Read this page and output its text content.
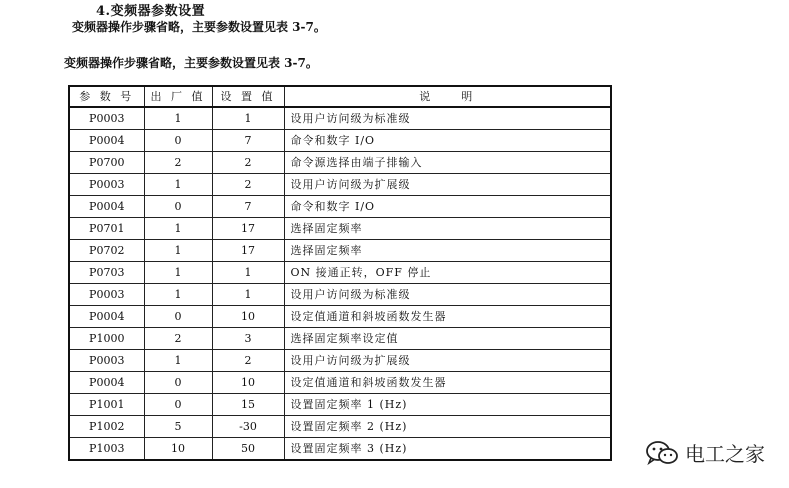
4.变频器参数设置
变频器操作步骤省略，主要参数设置见表 3-7。
变频器操作步骤省略，主要参数设置见表 3-7。
参 数 号	出 厂 值	设 置 值	说　　明
P0003	1	1	设用户访问级为标准级
P0004	0	7	命令和数字 I/O
P0700	2	2	命令源选择由端子排输入
P0003	1	2	设用户访问级为扩展级
P0004	0	7	命令和数字 I/O
P0701	1	17	选择固定频率
P0702	1	17	选择固定频率
P0703	1	1	ON 接通正转，OFF 停止
P0003	1	1	设用户访问级为标准级
P0004	0	10	设定值通道和斜坡函数发生器
P1000	2	3	选择固定频率设定值
P0003	1	2	设用户访问级为扩展级
P0004	0	10	设定值通道和斜坡函数发生器
P1001	0	15	设置固定频率 1 (Hz)
P1002	5	-30	设置固定频率 2 (Hz)
P1003	10	50	设置固定频率 3 (Hz)	电工之家
